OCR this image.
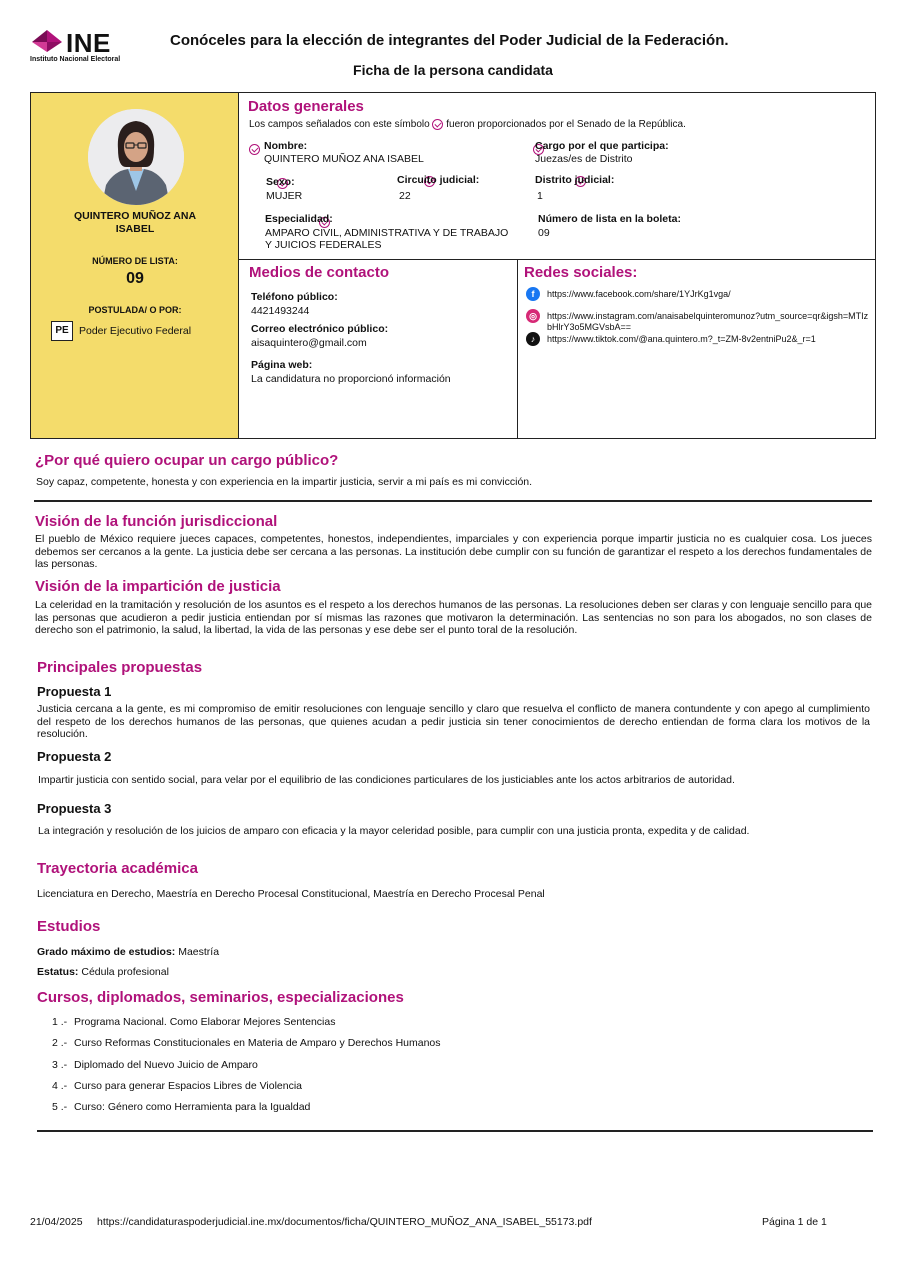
INE
Instituto Nacional Electoral
Conóceles para la elección de integrantes del Poder Judicial de la Federación.
Ficha de la persona candidata
QUINTERO MUÑOZ ANA
ISABEL
NÚMERO DE LISTA:
09
POSTULADA/ O POR:
PE Poder Ejecutivo Federal
Datos generales
Los campos señalados con este símbolo fueron proporcionados por el Senado de la República.

Nombre:
QUINTERO MUÑOZ ANA ISABEL

Cargo por el que participa:
Juezas/es de Distrito

Sexo:
MUJER

Circuito judicial:
22

Distrito judicial:
1
Especialidad:
AMPARO CIVIL, ADMINISTRATIVA Y DE TRABAJO
Y JUICIOS FEDERALES
Número de lista en la boleta:
09
Medios de contacto
Teléfono público:
4421493244
Correo electrónico público:
aisaquintero@gmail.com
Página web:
La candidatura no proporcionó información
Redes sociales:
f	https://www.facebook.com/share/1YJrKg1vga/
◎	https://www.instagram.com/anaisabelquinteromunoz?utm_source=qr&igsh=MTIzbHlrY3o5MGVsbA==
♪	https://www.tiktok.com/@ana.quintero.m?_t=ZM-8v2entniPu2&_r=1
¿Por qué quiero ocupar un cargo público?
Soy capaz, competente, honesta y con experiencia en la impartir justicia, servir a mi país es mi convicción.
Visión de la función jurisdiccional
El pueblo de México requiere jueces capaces, competentes, honestos, independientes, imparciales y con experiencia porque impartir justicia no es cualquier cosa. Los jueces debemos ser cercanos a la gente. La justicia debe ser cercana a las personas. La institución debe cumplir con su función de garantizar el respeto a los derechos fundamentales de las personas.
Visión de la impartición de justicia
La celeridad en la tramitación y resolución de los asuntos es el respeto a los derechos humanos de las personas. La resoluciones deben ser claras y con lenguaje sencillo para que las personas que acudieron a pedir justicia entiendan por sí mismas las razones que motivaron la determinación. Las sentencias no son para los abogados, no son clases de derecho son el patrimonio, la salud, la libertad, la vida de las personas y ese debe ser el punto toral de la resolución.
Principales propuestas
Propuesta 1
Justicia cercana a la gente, es mi compromiso de emitir resoluciones con lenguaje sencillo y claro que resuelva el conflicto de manera contundente y con apego al cumplimiento del respeto de los derechos humanos de las personas, que quienes acudan a pedir justicia sin tener conocimientos de derecho entiendan de forma clara los motivos de la resolución.
Propuesta 2
Impartir justicia con sentido social, para velar por el equilibrio de las condiciones particulares de los justiciables ante los actos arbitrarios de autoridad.
Propuesta 3
La integración y resolución de los juicios de amparo con eficacia y la mayor celeridad posible, para cumplir con una justicia pronta, expedita y de calidad.
Trayectoria académica
Licenciatura en Derecho, Maestría en Derecho Procesal Constitucional, Maestría en Derecho Procesal Penal
Estudios
Grado máximo de estudios: Maestría
Estatus: Cédula profesional
Cursos, diplomados, seminarios, especializaciones
1 .- Programa Nacional. Como Elaborar Mejores Sentencias
2 .- Curso Reformas Constitucionales en Materia de Amparo y Derechos Humanos
3 .- Diplomado del Nuevo Juicio de Amparo
4 .- Curso para generar Espacios Libres de Violencia
5 .- Curso: Género como Herramienta para la Igualdad
21/04/2025 https://candidaturaspoderjudicial.ine.mx/documentos/ficha/QUINTERO_MUÑOZ_ANA_ISABEL_55173.pdf	Página 1 de 1
